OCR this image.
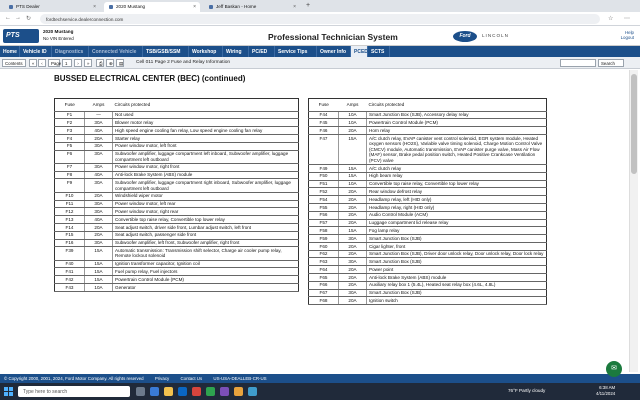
PTS Dealer	×	2020 Mustang	×	Jeff Baskan - Home	× +
← → ↻	fordtechservice.dealerconnection.com	☆ ⋯
PTS
2020 Mustang
No VIN Entered	Professional Technician System	Ford	LINCOLN
Help
Logout
Home	Vehicle ID	Diagnostics	Connected Vehicle	TSB/GSB/SSM	Workshop	Wiring	PC/ED	Service Tips	Owner Info	PCED SCTS
Contents	«	‹	Page 1	›	»	⎙	⊕	▤	Cell 011 Page 2 Fuse and Relay Information	Search
BUSSED ELECTRICAL CENTER (BEC) (continued)
Fuse	Amps	Circuits protected
F1	—	Not used
F2	30A	Blower motor relay
F3	40A	High speed engine cooling fan relay, Low speed engine cooling fan relay
F4	20A	Starter relay
F5	30A	Power window motor, left front
F6	30A	Subwoofer amplifier, luggage compartment left inboard, Subwoofer amplifier, luggage compartment left outboard
F7	30A	Power window motor, right front
F8	40A	Anti-lock Brake System (ABS) module
F9	30A	Subwoofer amplifier, luggage compartment right inboard, Subwoofer amplifier, luggage compartment left outboard
F10	20A	Windshield wiper motor
F11	30A	Power window motor, left rear
F12	30A	Power window motor, right rear
F13	40A	Convertible top raise relay, Convertible top lower relay
F14	20A	Seat adjust switch, driver side front, Lumbar adjust switch, left front
F15	20A	Seat adjust switch, passenger side front
F16	30A	Subwoofer amplifier, left front, Subwoofer amplifier, right front
F39	15A	Automatic transmission: Transmission shift selector, Charge air cooler pump relay, Remote lockout solenoid
F40	15A	Ignition transformer capacitor, Ignition coil
F41	15A	Fuel pump relay, Fuel injectors
F42	15A	Powertrain Control Module (PCM)
F43	10A	Generator
Fuse	Amps	Circuits protected
F44	10A	Smart Junction Box (SJB), Accessory delay relay
F45	10A	Powertrain Control Module (PCM)
F46	20A	Horn relay
F47	15A	A/C clutch relay, EVAP canister vent control solenoid, EGR system module, Heated oxygen sensors (HO2S), Variable valve timing solenoid, Charge Motion Control Valve (CMCV) module, Automatic transmission, EVAP canister purge valve, Mass Air Flow (MAF) sensor, Brake pedal position switch, Heated Positive Crankcase Ventilation (PCV) valve
F49	15A	A/C clutch relay
F50	15A	High beam relay
F51	10A	Convertible top raise relay, Convertible top lower relay
F52	20A	Rear window defrost relay
F54	20A	Headlamp relay, left (HID only)
F55	20A	Headlamp relay, right (HID only)
F56	20A	Audio Control Module (ACM)
F57	20A	Luggage compartment lid release relay
F58	15A	Fog lamp relay
F59	30A	Smart Junction Box (SJB)
F60	20A	Cigar lighter, front
F62	20A	Smart Junction Box (SJB), Driver door unlock relay, Door unlock relay, Door lock relay
F63	30A	Smart Junction Box (SJB)
F64	20A	Power point
F65	20A	Anti-lock Brake System (ABS) module
F66	20A	Auxiliary relay box 1 (5.4L), Heated seat relay box (4.6L, 4.8L)
F67	30A	Smart Junction Box (SJB)
F68	20A	Ignition switch
© Copyright 2000, 2001, 2024, Ford Motor Company. All rights reserved	Privacy	Contact Us	US-USA-DEALLEB-CR-US
✉
Type here to search	76°F Partly cloudy
6:38 AM
4/11/2024
